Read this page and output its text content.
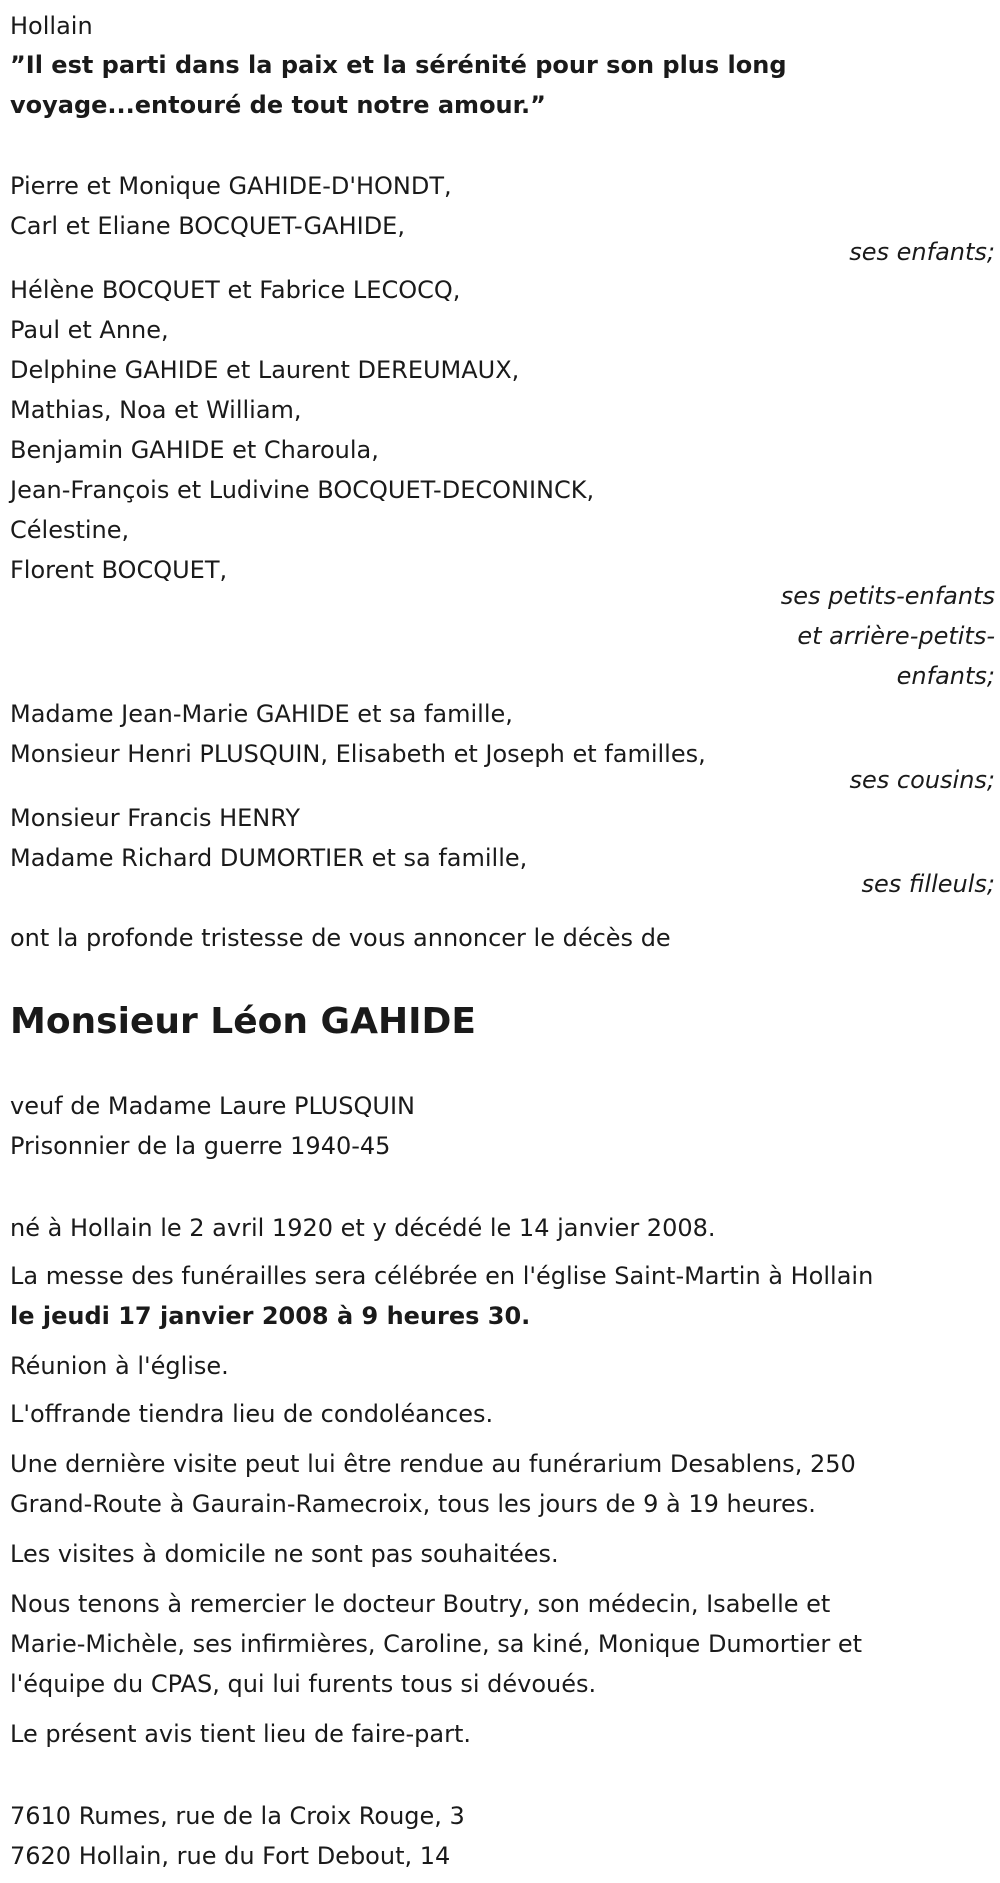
Hollain
”Il est parti dans la paix et la sérénité pour son plus long
voyage...entouré de tout notre amour.”
Pierre et Monique GAHIDE-D'HONDT,
Carl et Eliane BOCQUET-GAHIDE,
ses enfants;
Hélène BOCQUET et Fabrice LECOCQ,
Paul et Anne,
Delphine GAHIDE et Laurent DEREUMAUX,
Mathias, Noa et William,
Benjamin GAHIDE et Charoula,
Jean-François et Ludivine BOCQUET-DECONINCK,
Célestine,
Florent BOCQUET,
ses petits-enfants
et arrière-petits-
enfants;
Madame Jean-Marie GAHIDE et sa famille,
Monsieur Henri PLUSQUIN, Elisabeth et Joseph et familles,
ses cousins;
Monsieur Francis HENRY
Madame Richard DUMORTIER et sa famille,
ses filleuls;
ont la profonde tristesse de vous annoncer le décès de
Monsieur Léon GAHIDE
veuf de Madame Laure PLUSQUIN
Prisonnier de la guerre 1940-45
né à Hollain le 2 avril 1920 et y décédé le 14 janvier 2008.
La messe des funérailles sera célébrée en l'église Saint-Martin à Hollain
le jeudi 17 janvier 2008 à 9 heures 30.
Réunion à l'église.
L'offrande tiendra lieu de condoléances.
Une dernière visite peut lui être rendue au funérarium Desablens, 250
Grand-Route à Gaurain-Ramecroix, tous les jours de 9 à 19 heures.
Les visites à domicile ne sont pas souhaitées.
Nous tenons à remercier le docteur Boutry, son médecin, Isabelle et
Marie-Michèle, ses infirmières, Caroline, sa kiné, Monique Dumortier et
l'équipe du CPAS, qui lui furents tous si dévoués.
Le présent avis tient lieu de faire-part.
7610 Rumes, rue de la Croix Rouge, 3
7620 Hollain, rue du Fort Debout, 14
